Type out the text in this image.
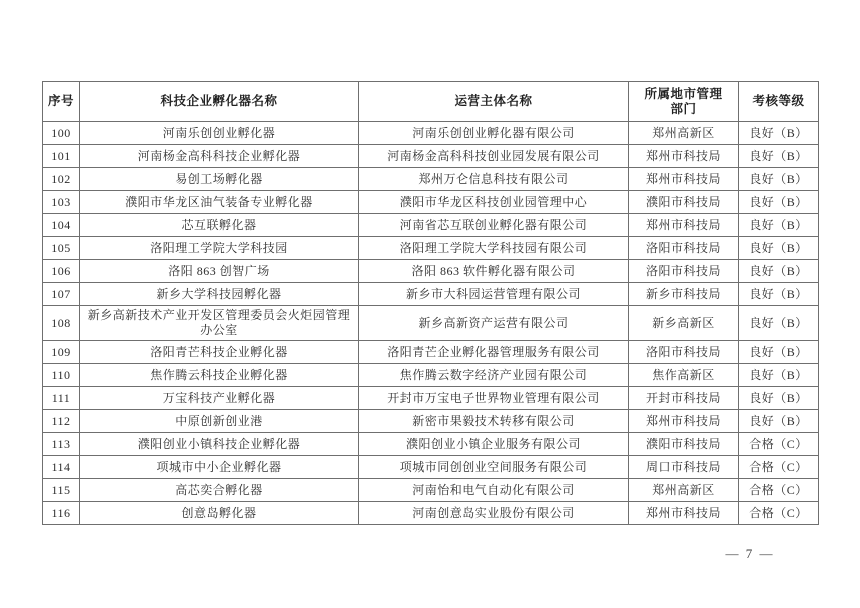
序号	科技企业孵化器名称	运营主体名称	所属地市管理部门	考核等级
100	河南乐创创业孵化器	河南乐创创业孵化器有限公司	郑州高新区	良好（B）
101	河南杨金高科科技企业孵化器	河南杨金高科科技创业园发展有限公司	郑州市科技局	良好（B）
102	易创工场孵化器	郑州万仑信息科技有限公司	郑州市科技局	良好（B）
103	濮阳市华龙区油气装备专业孵化器	濮阳市华龙区科技创业园管理中心	濮阳市科技局	良好（B）
104	芯互联孵化器	河南省芯互联创业孵化器有限公司	郑州市科技局	良好（B）
105	洛阳理工学院大学科技园	洛阳理工学院大学科技园有限公司	洛阳市科技局	良好（B）
106	洛阳 863 创智广场	洛阳 863 软件孵化器有限公司	洛阳市科技局	良好（B）
107	新乡大学科技园孵化器	新乡市大科园运营管理有限公司	新乡市科技局	良好（B）
108	新乡高新技术产业开发区管理委员会火炬园管理办公室	新乡高新资产运营有限公司	新乡高新区	良好（B）
109	洛阳青芒科技企业孵化器	洛阳青芒企业孵化器管理服务有限公司	洛阳市科技局	良好（B）
110	焦作腾云科技企业孵化器	焦作腾云数字经济产业园有限公司	焦作高新区	良好（B）
111	万宝科技产业孵化器	开封市万宝电子世界物业管理有限公司	开封市科技局	良好（B）
112	中原创新创业港	新密市果毅技术转移有限公司	郑州市科技局	良好（B）
113	濮阳创业小镇科技企业孵化器	濮阳创业小镇企业服务有限公司	濮阳市科技局	合格（C）
114	项城市中小企业孵化器	项城市同创创业空间服务有限公司	周口市科技局	合格（C）
115	高芯奕合孵化器	河南怡和电气自动化有限公司	郑州高新区	合格（C）
116	创意岛孵化器	河南创意岛实业股份有限公司	郑州市科技局	合格（C）
— 7 —
